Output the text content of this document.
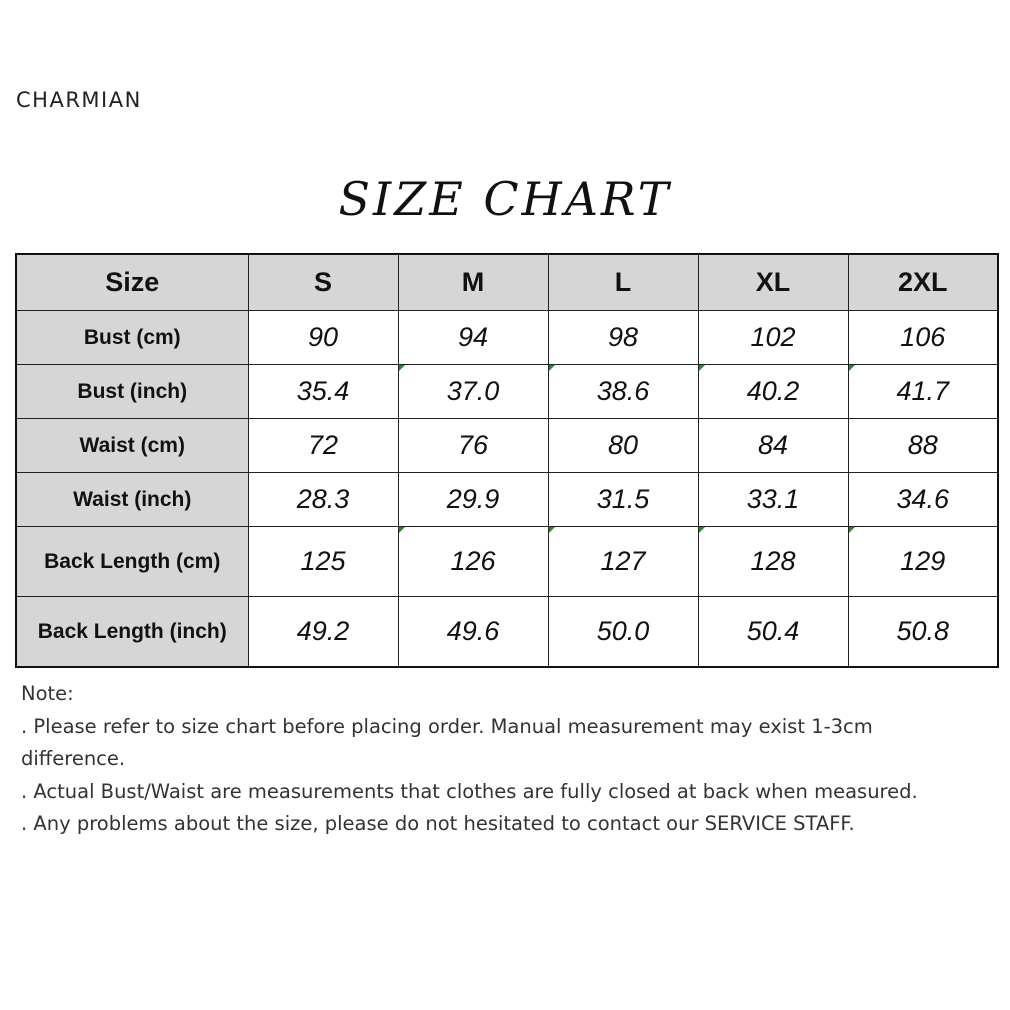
CHARMIAN
SIZE CHART
Size	S	M	L	XL	2XL
Bust (cm)	90	94	98	102	106
Bust (inch)	35.4	37.0	38.6	40.2	41.7
Waist (cm)	72	76	80	84	88
Waist (inch)	28.3	29.9	31.5	33.1	34.6
Back Length (cm)	125	126	127	128	129
Back Length (inch)	49.2	49.6	50.0	50.4	50.8
Note:
. Please refer to size chart before placing order. Manual measurement may exist 1-3cm
difference.
. Actual Bust/Waist are measurements that clothes are fully closed at back when measured.
. Any problems about the size, please do not hesitated to contact our SERVICE STAFF.
